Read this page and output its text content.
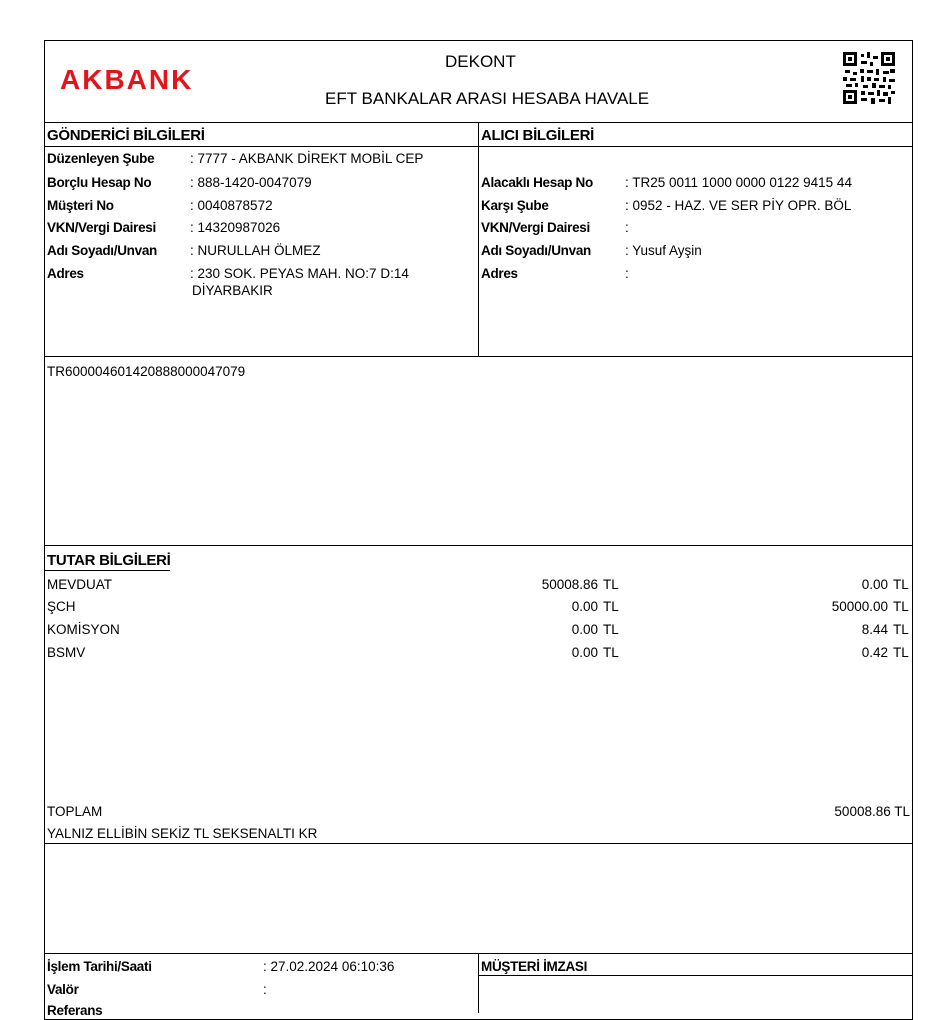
AKBANK
DEKONT
EFT BANKALAR ARASI HESABA HAVALE
GÖNDERİCİ BİLGİLERİ	ALICI BİLGİLERİ
Düzenleyen Şube	: 7777 - AKBANK DİREKT MOBİL CEP
Borçlu Hesap No	: 888-1420-0047079
Müşteri No	: 0040878572
VKN/Vergi Dairesi	: 14320987026
Adı Soyadı/Unvan : NURULLAH ÖLMEZ
Adres	: 230 SOK. PEYAS MAH. NO:7 D:14
DİYARBAKIR
Alacaklı Hesap No : TR25 0011 1000 0000 0122 9415 44
Karşı Şube	: 0952 - HAZ. VE SER PİY OPR. BÖL
VKN/Vergi Dairesi	:
Adı Soyadı/Unvan	: Yusuf Ayşin
Adres	:
TR600004601420888000047079
TUTAR BİLGİLERİ
MEVDUAT	50008.86 TL	0.00 TL
ŞCH	0.00 TL	50000.00 TL
KOMİSYON	0.00 TL	8.44 TL
BSMV	0.00 TL	0.42 TL
TOPLAM	50008.86 TL
YALNIZ ELLİBİN SEKİZ TL SEKSENALTI KR
İşlem Tarihi/Saati	: 27.02.2024 06:10:36
Valör	:
Referans
MÜŞTERİ İMZASI
